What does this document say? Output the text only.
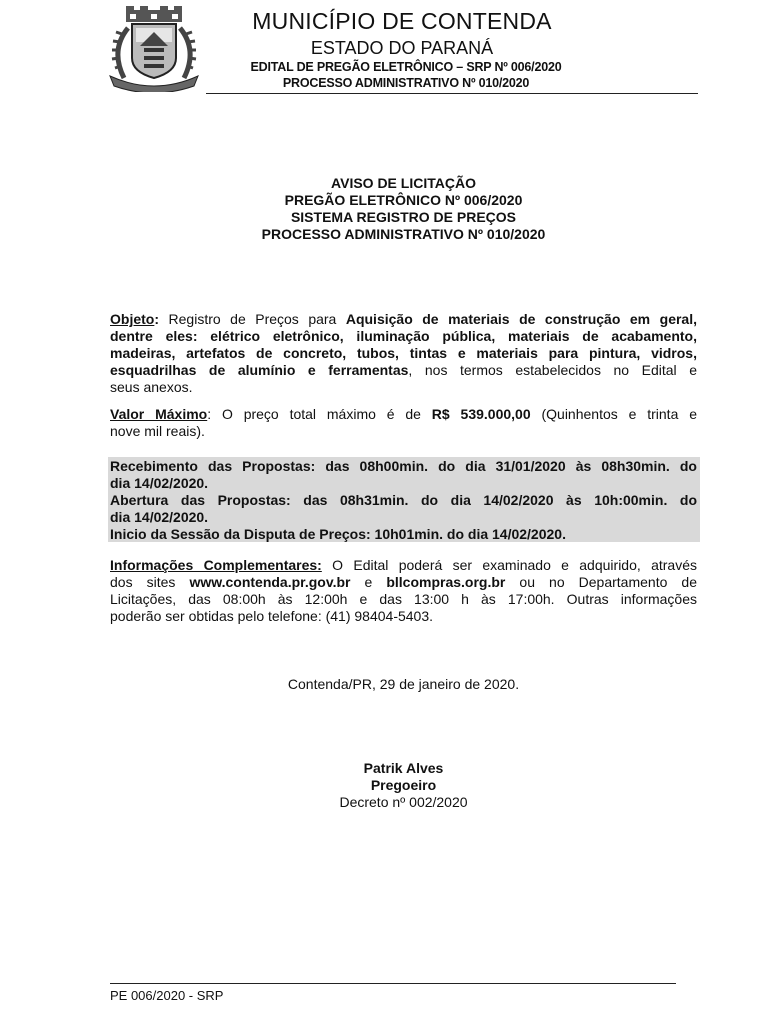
MUNICÍPIO DE CONTENDA
ESTADO DO PARANÁ
EDITAL DE PREGÃO ELETRÔNICO – SRP Nº 006/2020
PROCESSO ADMINISTRATIVO Nº 010/2020
AVISO DE LICITAÇÃO
PREGÃO ELETRÔNICO Nº 006/2020
SISTEMA REGISTRO DE PREÇOS
PROCESSO ADMINISTRATIVO Nº 010/2020
Objeto: Registro de Preços para Aquisição de materiais de construção em geral,
dentre eles: elétrico eletrônico, iluminação pública, materiais de acabamento,
madeiras, artefatos de concreto, tubos, tintas e materiais para pintura, vidros,
esquadrilhas de alumínio e ferramentas, nos termos estabelecidos no Edital e
seus anexos.
Valor Máximo: O preço total máximo é de R$ 539.000,00 (Quinhentos e trinta e
nove mil reais).
Recebimento das Propostas: das 08h00min. do dia 31/01/2020 às 08h30min. do
dia 14/02/2020.
Abertura das Propostas: das 08h31min. do dia 14/02/2020 às 10h:00min. do
dia 14/02/2020.
Inicio da Sessão da Disputa de Preços: 10h01min. do dia 14/02/2020.
Informações Complementares: O Edital poderá ser examinado e adquirido, através
dos sites www.contenda.pr.gov.br e bllcompras.org.br ou no Departamento de
Licitações, das 08:00h às 12:00h e das 13:00 h às 17:00h. Outras informações
poderão ser obtidas pelo telefone: (41) 98404-5403.
Contenda/PR, 29 de janeiro de 2020.
Patrik Alves
Pregoeiro
Decreto nº 002/2020
PE 006/2020 - SRP
